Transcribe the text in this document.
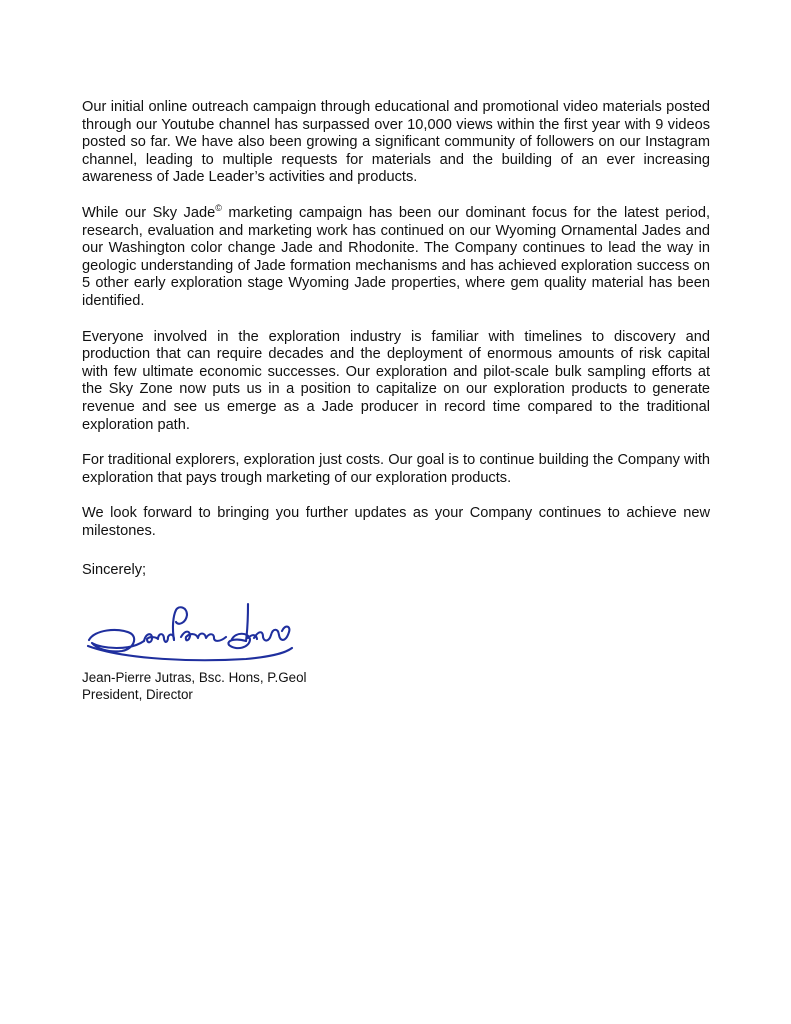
Our initial online outreach campaign through educational and promotional video materials posted through our Youtube channel has surpassed over 10,000 views within the first year with 9 videos posted so far. We have also been growing a significant community of followers on our Instagram channel, leading to multiple requests for materials and the building of an ever increasing awareness of Jade Leader’s activities and products.

While our Sky Jade© marketing campaign has been our dominant focus for the latest period, research, evaluation and marketing work has continued on our Wyoming Ornamental Jades and our Washington color change Jade and Rhodonite. The Company continues to lead the way in geologic understanding of Jade formation mechanisms and has achieved exploration success on 5 other early exploration stage Wyoming Jade properties, where gem quality material has been identified.

Everyone involved in the exploration industry is familiar with timelines to discovery and production that can require decades and the deployment of enormous amounts of risk capital with few ultimate economic successes. Our exploration and pilot-scale bulk sampling efforts at the Sky Zone now puts us in a position to capitalize on our exploration products to generate revenue and see us emerge as a Jade producer in record time compared to the traditional exploration path.

For traditional explorers, exploration just costs. Our goal is to continue building the Company with exploration that pays trough marketing of our exploration products.

We look forward to bringing you further updates as your Company continues to achieve new milestones.

Sincerely;

Jean-Pierre Jutras, Bsc. Hons, P.Geol
President, Director
